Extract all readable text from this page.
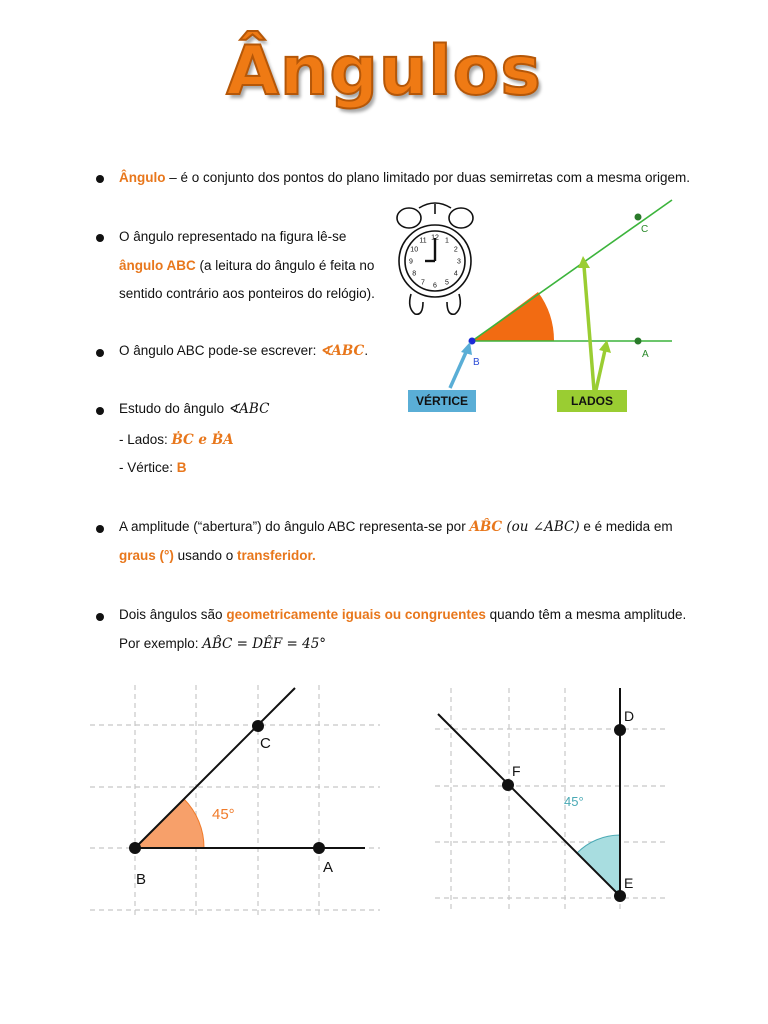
Ângulos
Ângulo – é o conjunto dos pontos do plano limitado por duas semirretas com a mesma origem.
O ângulo representado na figura lê-se
ângulo ABC (a leitura do ângulo é feita no
sentido contrário aos ponteiros do relógio).
O ângulo ABC pode-se escrever: ∢ABC.
Estudo do ângulo ∢ABC
- Lados: ḂC e ḂA
- Vértice: B
A amplitude (“abertura”) do ângulo ABC representa-se por AB̂C (ou ∠ABC) e é medida em
graus (°) usando o transferidor.
Dois ângulos são geometricamente iguais ou congruentes quando têm a mesma amplitude.
Por exemplo: AB̂C = DÊF = 45°
12 1
2
3
4
5
6
7
8
9
10
11
C
A
B
VÉRTICE	LADOS
C
B
A
45°
D
F
E
45°
